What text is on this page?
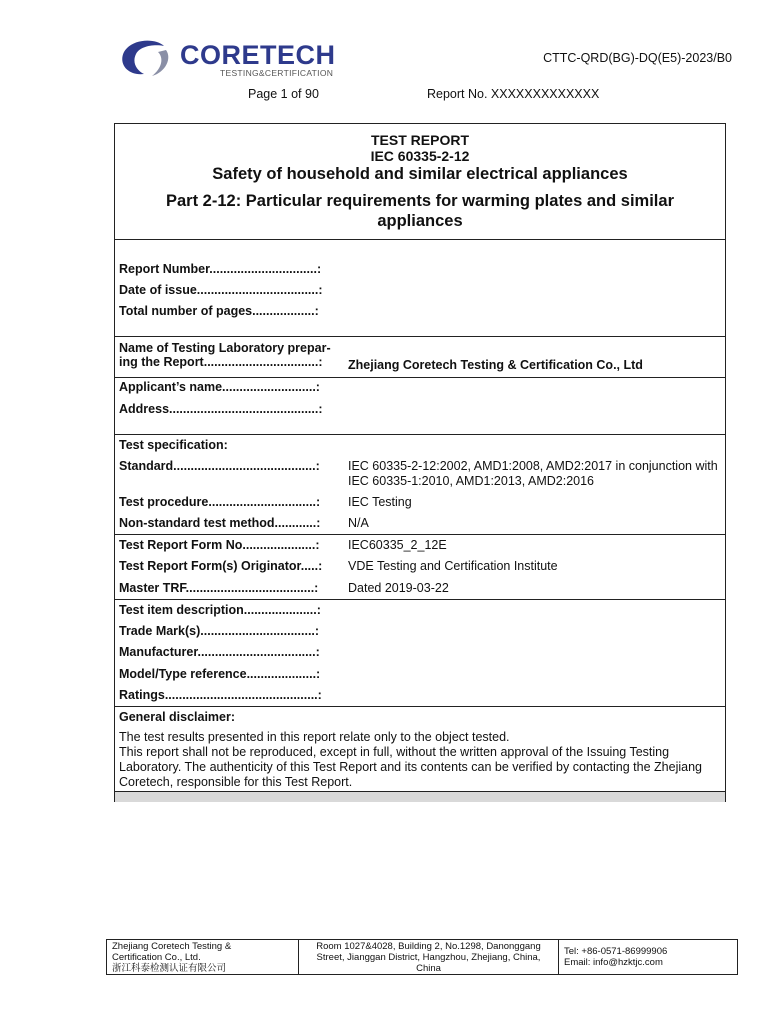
CORETECH
TESTING&CERTIFICATION
CTTC-QRD(BG)-DQ(E5)-2023/B0
Page 1 of 90	Report No. XXXXXXXXXXXXX
TEST REPORT
IEC 60335-2-12
Safety of household and similar electrical appliances
Part 2-12: Particular requirements for warming plates and similar appliances
Report Number...............................:
Date of issue...................................:
Total number of pages..................:
Name of Testing Laboratory prepar-
ing the Report.................................: Zhejiang Coretech Testing & Certification Co., Ltd
Applicant’s name...........................:
Address...........................................:
Test specification:
Standard.........................................: IEC 60335-2-12:2002, AMD1:2008, AMD2:2017 in conjunction with IEC 60335-1:2010, AMD1:2013, AMD2:2016
Test procedure...............................: IEC Testing
Non-standard test method............: N/A
Test Report Form No.....................: IEC60335_2_12E
Test Report Form(s) Originator.....: VDE Testing and Certification Institute
Master TRF.....................................: Dated 2019-03-22
Test item description.....................:
Trade Mark(s).................................:
Manufacturer..................................:
Model/Type reference....................:
Ratings............................................:
General disclaimer:
The test results presented in this report relate only to the object tested.
This report shall not be reproduced, except in full, without the written approval of the Issuing Testing Laboratory. The authenticity of this Test Report and its contents can be verified by contacting the Zhejiang Coretech, responsible for this Test Report.
Zhejiang Coretech Testing &
Certification Co., Ltd.
浙江科泰检测认证有限公司
Room 1027&4028, Building 2, No.1298, Danonggang
Street, Jianggan District, Hangzhou, Zhejiang, China,
China
Tel: +86-0571-86999906
Email: info@hzktjc.com
